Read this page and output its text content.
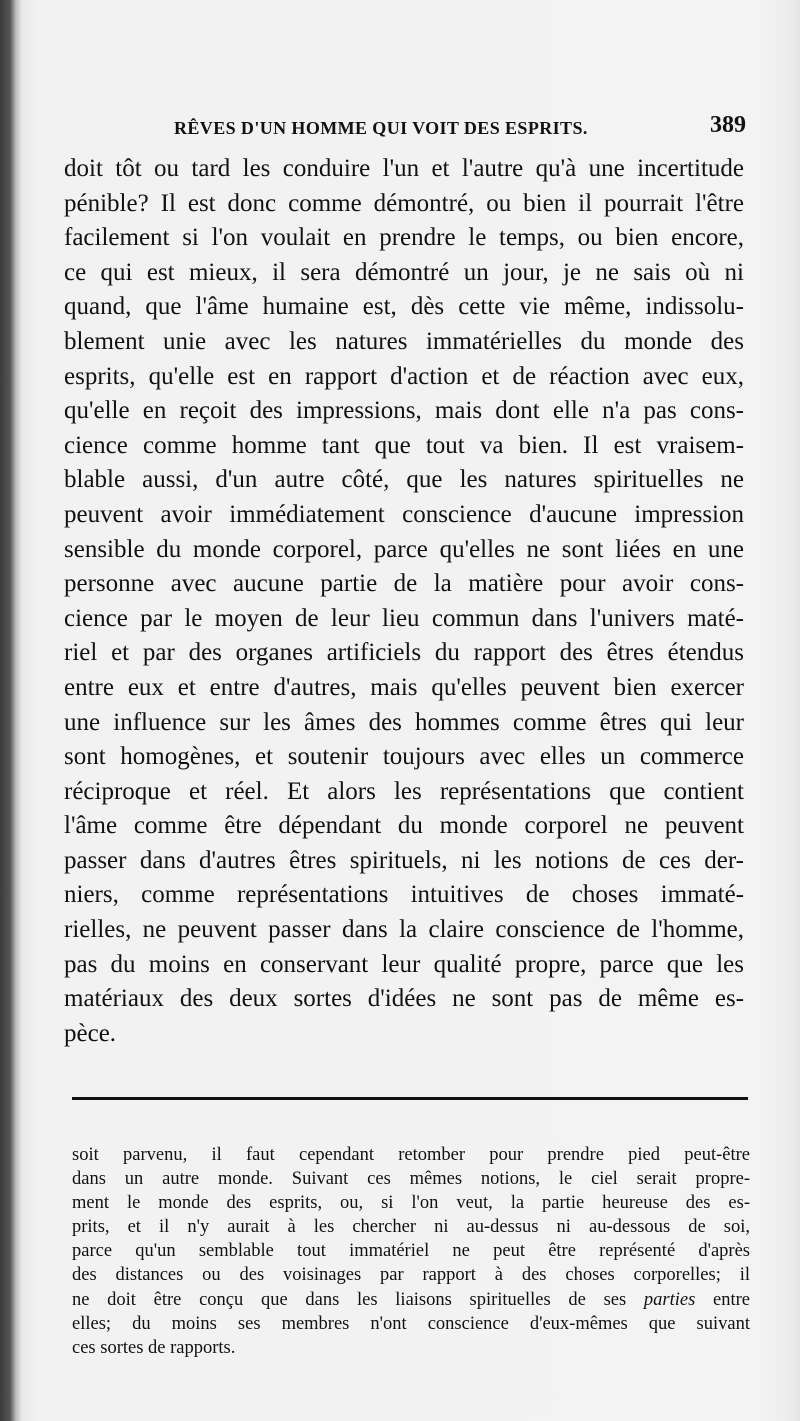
RÊVES D'UN HOMME QUI VOIT DES ESPRITS.	389
doit tôt ou tard les conduire l'un et l'autre qu'à une incertitude
pénible? Il est donc comme démontré, ou bien il pourrait l'être
facilement si l'on voulait en prendre le temps, ou bien encore,
ce qui est mieux, il sera démontré un jour, je ne sais où ni
quand, que l'âme humaine est, dès cette vie même, indissolu-
blement unie avec les natures immatérielles du monde des
esprits, qu'elle est en rapport d'action et de réaction avec eux,
qu'elle en reçoit des impressions, mais dont elle n'a pas cons-
cience comme homme tant que tout va bien. Il est vraisem-
blable aussi, d'un autre côté, que les natures spirituelles ne
peuvent avoir immédiatement conscience d'aucune impression
sensible du monde corporel, parce qu'elles ne sont liées en une
personne avec aucune partie de la matière pour avoir cons-
cience par le moyen de leur lieu commun dans l'univers maté-
riel et par des organes artificiels du rapport des êtres étendus
entre eux et entre d'autres, mais qu'elles peuvent bien exercer
une influence sur les âmes des hommes comme êtres qui leur
sont homogènes, et soutenir toujours avec elles un commerce
réciproque et réel. Et alors les représentations que contient
l'âme comme être dépendant du monde corporel ne peuvent
passer dans d'autres êtres spirituels, ni les notions de ces der-
niers, comme représentations intuitives de choses immaté-
rielles, ne peuvent passer dans la claire conscience de l'homme,
pas du moins en conservant leur qualité propre, parce que les
matériaux des deux sortes d'idées ne sont pas de même es-
pèce.
soit parvenu, il faut cependant retomber pour prendre pied peut-être
dans un autre monde. Suivant ces mêmes notions, le ciel serait propre-
ment le monde des esprits, ou, si l'on veut, la partie heureuse des es-
prits, et il n'y aurait à les chercher ni au-dessus ni au-dessous de soi,
parce qu'un semblable tout immatériel ne peut être représenté d'après
des distances ou des voisinages par rapport à des choses corporelles; il
ne doit être conçu que dans les liaisons spirituelles de ses parties entre
elles; du moins ses membres n'ont conscience d'eux-mêmes que suivant
ces sortes de rapports.
